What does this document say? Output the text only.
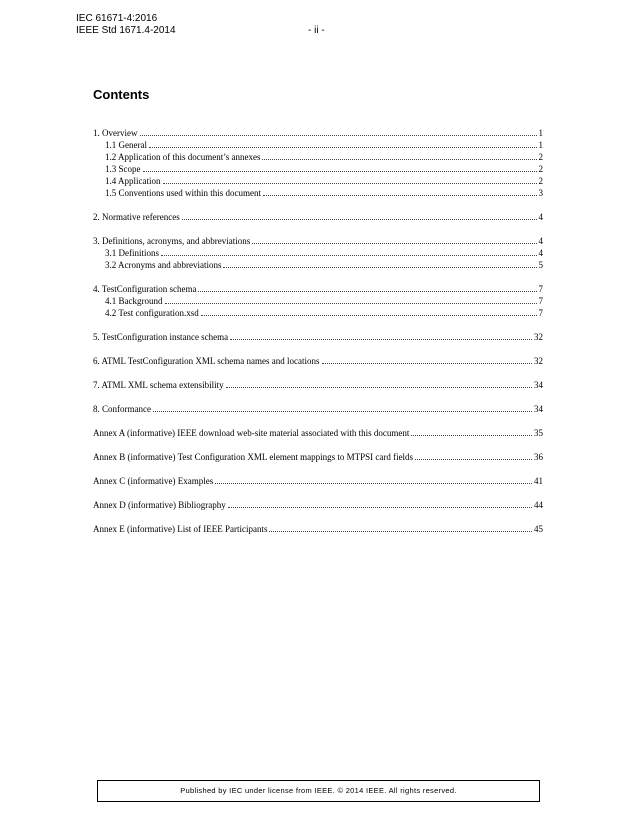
IEC 61671-4:2016
IEEE Std 1671.4-2014	- ii -
Contents
1. Overview	1
1.1 General	1
1.2 Application of this document’s annexes	2
1.3 Scope	2
1.4 Application	2
1.5 Conventions used within this document	3
2. Normative references	4
3. Definitions, acronyms, and abbreviations	4
3.1 Definitions	4
3.2 Acronyms and abbreviations	5
4. TestConfiguration schema	7
4.1 Background	7
4.2 Test configuration.xsd	7
5. TestConfiguration instance schema	32
6. ATML TestConfiguration XML schema names and locations	32
7. ATML XML schema extensibility	34
8. Conformance	34
Annex A (informative) IEEE download web-site material associated with this document	35
Annex B (informative) Test Configuration XML element mappings to MTPSI card fields	36
Annex C (informative) Examples	41
Annex D (informative) Bibliography	44
Annex E (informative) List of IEEE Participants	45
Published by IEC under license from IEEE. © 2014 IEEE. All rights reserved.
